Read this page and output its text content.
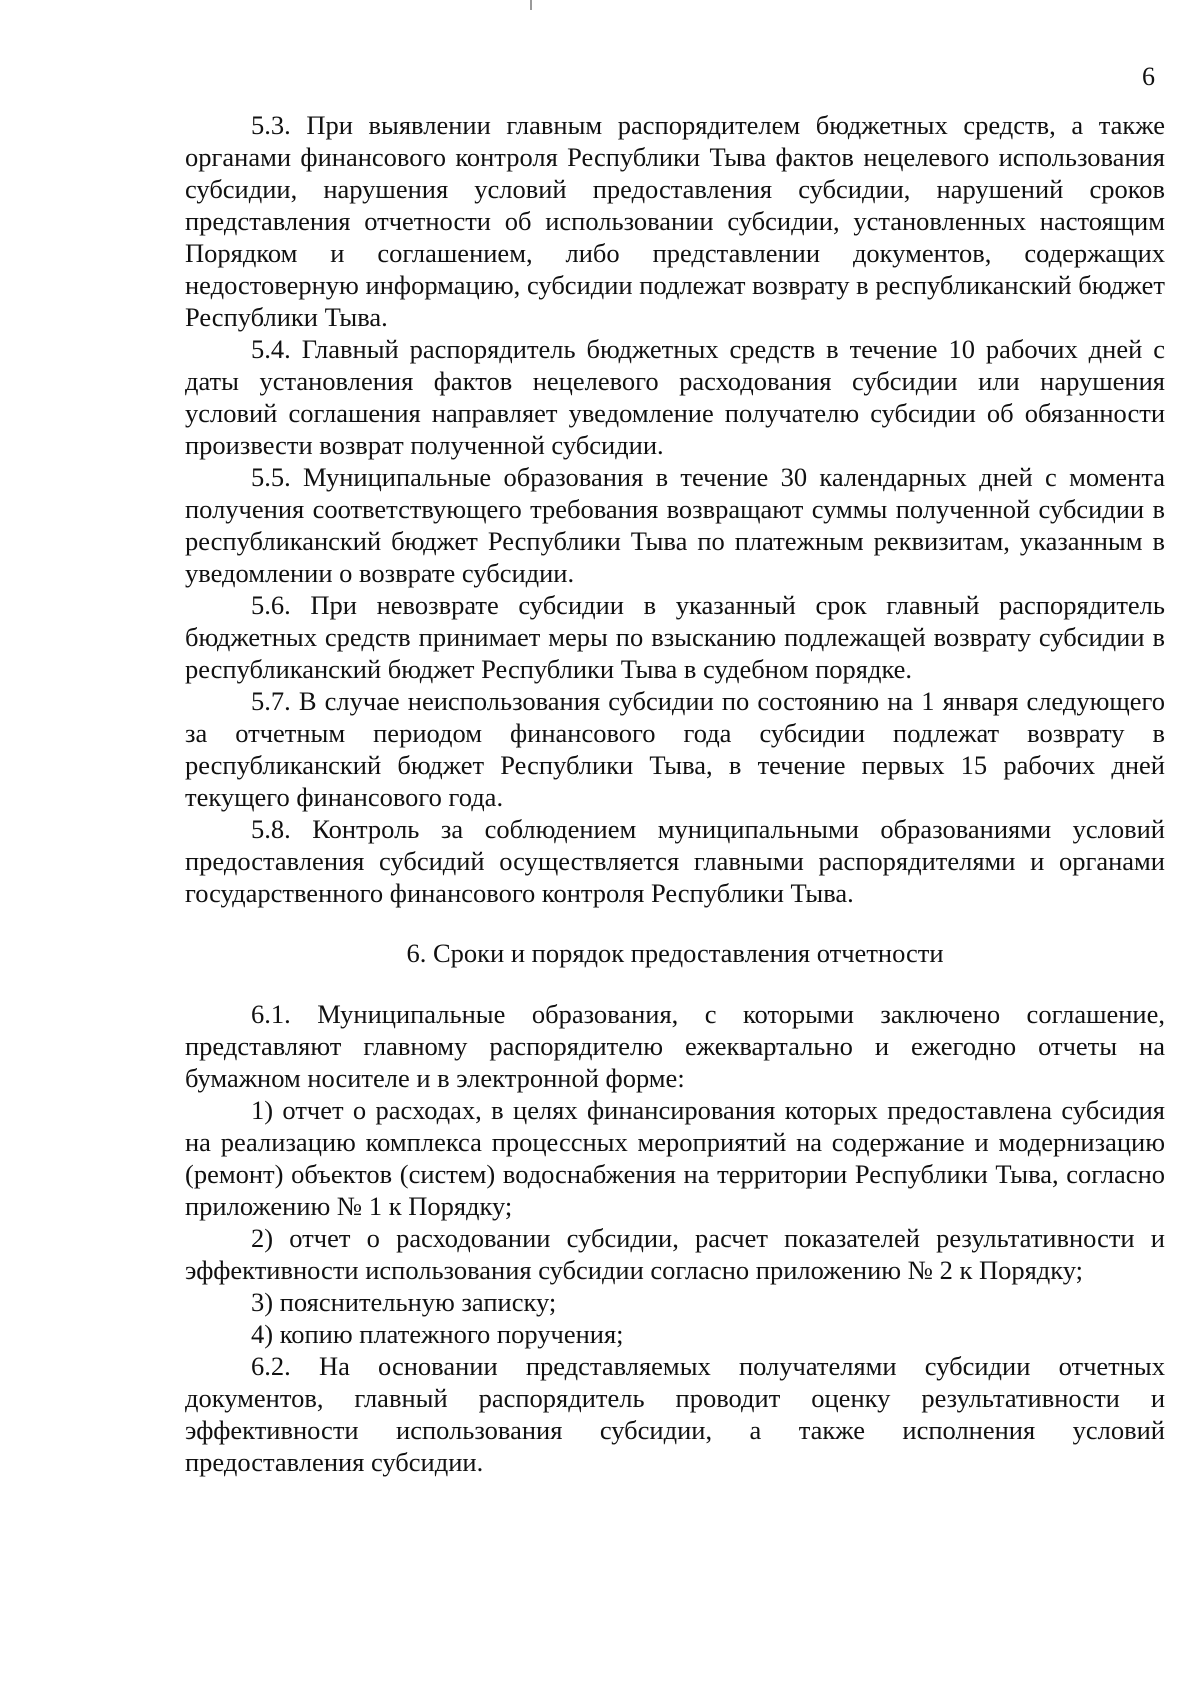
6

5.3. При выявлении главным распорядителем бюджетных средств, а также органами финансового контроля Республики Тыва фактов нецелевого использования субсидии, нарушения условий предоставления субсидии, нарушений сроков представления отчетности об использовании субсидии, установленных настоящим Порядком и соглашением, либо представлении документов, содержащих недостоверную информацию, субсидии подлежат возврату в республиканский бюджет Республики Тыва.

5.4. Главный распорядитель бюджетных средств в течение 10 рабочих дней с даты установления фактов нецелевого расходования субсидии или нарушения условий соглашения направляет уведомление получателю субсидии об обязанности произвести возврат полученной субсидии.

5.5. Муниципальные образования в течение 30 календарных дней с момента получения соответствующего требования возвращают суммы полученной субсидии в республиканский бюджет Республики Тыва по платежным реквизитам, указанным в уведомлении о возврате субсидии.

5.6. При невозврате субсидии в указанный срок главный распорядитель бюджетных средств принимает меры по взысканию подлежащей возврату субсидии в республиканский бюджет Республики Тыва в судебном порядке.

5.7. В случае неиспользования субсидии по состоянию на 1 января следующего за отчетным периодом финансового года субсидии подлежат возврату в республиканский бюджет Республики Тыва, в течение первых 15 рабочих дней текущего финансового года.

5.8. Контроль за соблюдением муниципальными образованиями условий предоставления субсидий осуществляется главными распорядителями и органами государственного финансового контроля Республики Тыва.

6. Сроки и порядок предоставления отчетности

6.1. Муниципальные образования, с которыми заключено соглашение, представляют главному распорядителю ежеквартально и ежегодно отчеты на бумажном носителе и в электронной форме:

1) отчет о расходах, в целях финансирования которых предоставлена субсидия на реализацию комплекса процессных мероприятий на содержание и модернизацию (ремонт) объектов (систем) водоснабжения на территории Республики Тыва, согласно приложению № 1 к Порядку;

2) отчет о расходовании субсидии, расчет показателей результативности и эффективности использования субсидии согласно приложению № 2 к Порядку;

3) пояснительную записку;

4) копию платежного поручения;

6.2. На основании представляемых получателями субсидии отчетных документов, главный распорядитель проводит оценку результативности и эффективности использования субсидии, а также исполнения условий предоставления субсидии.
